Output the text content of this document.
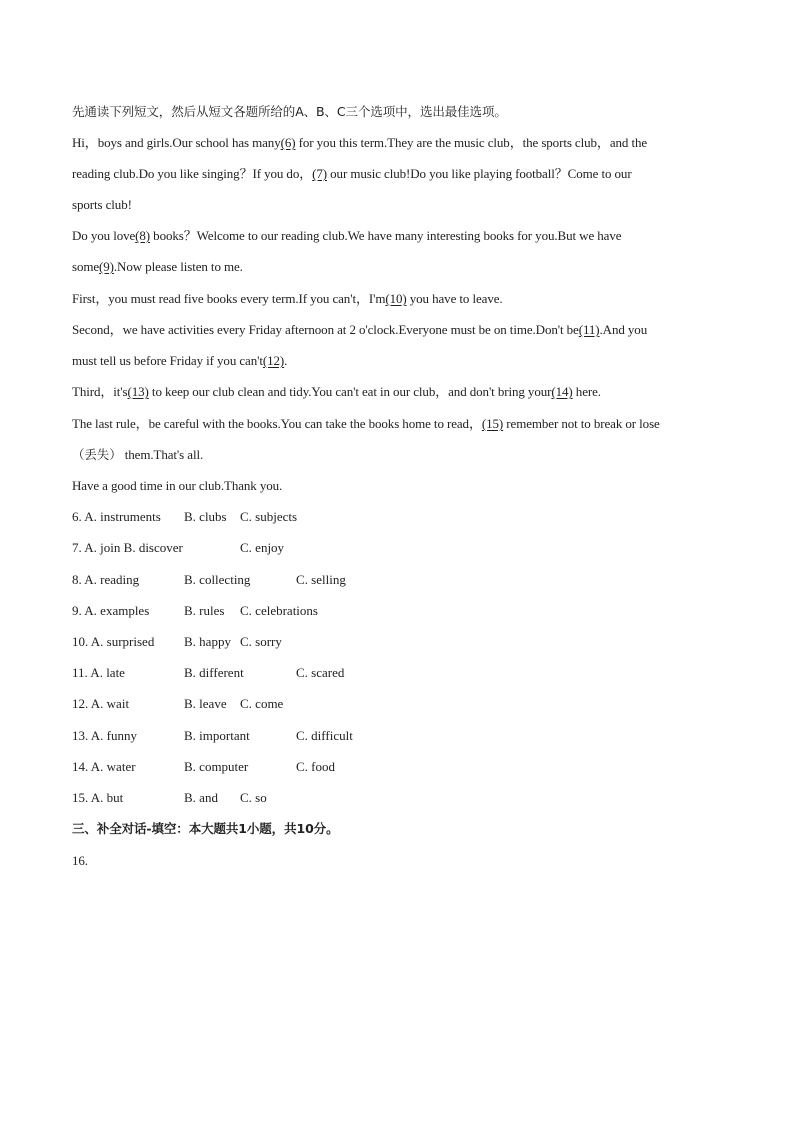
先通读下列短文，然后从短文各题所给的A、B、C三个选项中，选出最佳选项。
Hi，boys and girls.Our school has many(6) for you this term.They are the music club，the sports club，and the
reading club.Do you like singing？If you do，(7) our music club!Do you like playing football？Come to our
sports club!
Do you love(8) books？Welcome to our reading club.We have many interesting books for you.But we have
some(9).Now please listen to me.
First，you must read five books every term.If you can't，I'm(10) you have to leave.
Second，we have activities every Friday afternoon at 2 o'clock.Everyone must be on time.Don't be(11).And you
must tell us before Friday if you can't(12).
Third，it's(13) to keep our club clean and tidy.You can't eat in our club，and don't bring your(14) here.
The last rule，be careful with the books.You can take the books home to read，(15) remember not to break or lose
（丢失） them.That's all.
Have a good time in our club.Thank you.
6. A. instruments B. clubs C. subjects
7. A. join B. discover	C. enjoy
8. A. reading	B. collecting	C. selling
9. A. examples	B. rules C. celebrations
10. A. surprised B. happy C. sorry
11. A. late	B. different	C. scared
12. A. wait	B. leave C. come
13. A. funny	B. important	C. difficult
14. A. water	B. computer	C. food
15. A. but	B. and C. so
三、补全对话-填空：本大题共1小题，共10分。
16.
